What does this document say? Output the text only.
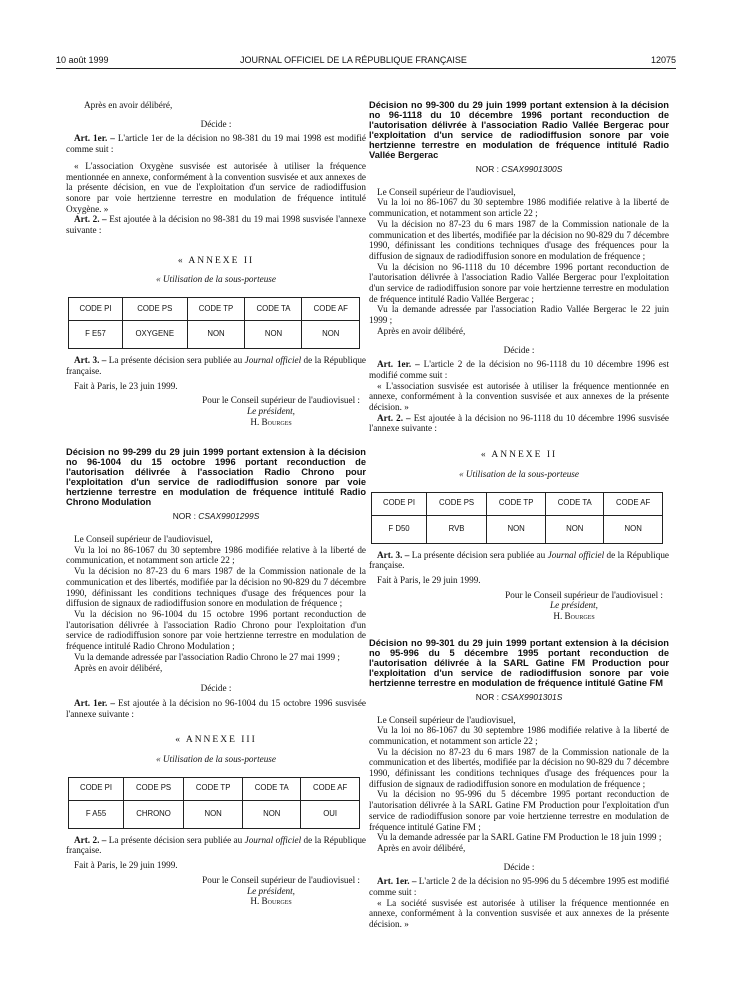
10 août 1999	JOURNAL OFFICIEL DE LA RÉPUBLIQUE FRANÇAISE	12075

Après en avoir délibéré,

Décide :

Art. 1er. – L'article 1er de la décision no 98-381 du 19 mai 1998 est modifié comme suit :

« L'association Oxygène susvisée est autorisée à utiliser la fréquence mentionnée en annexe, conformément à la convention susvisée et aux annexes de la présente décision, en vue de l'exploitation d'un service de radiodiffusion sonore par voie hertzienne terrestre en modulation de fréquence intitulé Oxygène. »

Art. 2. – Est ajoutée à la décision no 98-381 du 19 mai 1998 susvisée l'annexe suivante :

« ANNEXE II

« Utilisation de la sous-porteuse

CODE PI	CODE PS	CODE TP	CODE TA	CODE AF
F E57	OXYGENE	NON	NON	NON

Art. 3. – La présente décision sera publiée au Journal officiel de la République française.

Fait à Paris, le 23 juin 1999.

Pour le Conseil supérieur de l'audiovisuel :

Le président,

H. Bourges

Décision no 99-299 du 29 juin 1999 portant extension à la décision no 96-1004 du 15 octobre 1996 portant reconduction de l'autorisation délivrée à l'association Radio Chrono pour l'exploitation d'un service de radiodiffusion sonore par voie hertzienne terrestre en modulation de fréquence intitulé Radio Chrono Modulation

NOR : CSAX9901299S

Le Conseil supérieur de l'audiovisuel,

Vu la loi no 86-1067 du 30 septembre 1986 modifiée relative à la liberté de communication, et notamment son article 22 ;

Vu la décision no 87-23 du 6 mars 1987 de la Commission nationale de la communication et des libertés, modifiée par la décision no 90-829 du 7 décembre 1990, définissant les conditions techniques d'usage des fréquences pour la diffusion de signaux de radiodiffusion sonore en modulation de fréquence ;

Vu la décision no 96-1004 du 15 octobre 1996 portant reconduction de l'autorisation délivrée à l'association Radio Chrono pour l'exploitation d'un service de radiodiffusion sonore par voie hertzienne terrestre en modulation de fréquence intitulé Radio Chrono Modulation ;

Vu la demande adressée par l'association Radio Chrono le 27 mai 1999 ;

Après en avoir délibéré,

Décide :

Art. 1er. – Est ajoutée à la décision no 96-1004 du 15 octobre 1996 susvisée l'annexe suivante :

« ANNEXE III

« Utilisation de la sous-porteuse

CODE PI	CODE PS	CODE TP	CODE TA	CODE AF
F A55	CHRONO	NON	NON	OUI

Art. 2. – La présente décision sera publiée au Journal officiel de la République française.

Fait à Paris, le 29 juin 1999.

Pour le Conseil supérieur de l'audiovisuel :

Le président,

H. Bourges

Décision no 99-300 du 29 juin 1999 portant extension à la décision no 96-1118 du 10 décembre 1996 portant reconduction de l'autorisation délivrée à l'association Radio Vallée Bergerac pour l'exploitation d'un service de radiodiffusion sonore par voie hertzienne terrestre en modulation de fréquence intitulé Radio Vallée Bergerac

NOR : CSAX9901300S

Le Conseil supérieur de l'audiovisuel,

Vu la loi no 86-1067 du 30 septembre 1986 modifiée relative à la liberté de communication, et notamment son article 22 ;

Vu la décision no 87-23 du 6 mars 1987 de la Commission nationale de la communication et des libertés, modifiée par la décision no 90-829 du 7 décembre 1990, définissant les conditions techniques d'usage des fréquences pour la diffusion de signaux de radiodiffusion sonore en modulation de fréquence ;

Vu la décision no 96-1118 du 10 décembre 1996 portant reconduction de l'autorisation délivrée à l'association Radio Vallée Bergerac pour l'exploitation d'un service de radiodiffusion sonore par voie hertzienne terrestre en modulation de fréquence intitulé Radio Vallée Bergerac ;

Vu la demande adressée par l'association Radio Vallée Bergerac le 22 juin 1999 ;

Après en avoir délibéré,

Décide :

Art. 1er. – L'article 2 de la décision no 96-1118 du 10 décembre 1996 est modifié comme suit :

« L'association susvisée est autorisée à utiliser la fréquence mentionnée en annexe, conformément à la convention susvisée et aux annexes de la présente décision. »

Art. 2. – Est ajoutée à la décision no 96-1118 du 10 décembre 1996 susvisée l'annexe suivante :

« ANNEXE II

« Utilisation de la sous-porteuse

CODE PI	CODE PS	CODE TP	CODE TA	CODE AF
F D50	RVB	NON	NON	NON

Art. 3. – La présente décision sera publiée au Journal officiel de la République française.

Fait à Paris, le 29 juin 1999.

Pour le Conseil supérieur de l'audiovisuel :

Le président,

H. Bourges

Décision no 99-301 du 29 juin 1999 portant extension à la décision no 95-996 du 5 décembre 1995 portant reconduction de l'autorisation délivrée à la SARL Gatine FM Production pour l'exploitation d'un service de radiodiffusion sonore par voie hertzienne terrestre en modulation de fréquence intitulé Gatine FM

NOR : CSAX9901301S

Le Conseil supérieur de l'audiovisuel,

Vu la loi no 86-1067 du 30 septembre 1986 modifiée relative à la liberté de communication, et notamment son article 22 ;

Vu la décision no 87-23 du 6 mars 1987 de la Commission nationale de la communication et des libertés, modifiée par la décision no 90-829 du 7 décembre 1990, définissant les conditions techniques d'usage des fréquences pour la diffusion de signaux de radiodiffusion sonore en modulation de fréquence ;

Vu la décision no 95-996 du 5 décembre 1995 portant reconduction de l'autorisation délivrée à la SARL Gatine FM Production pour l'exploitation d'un service de radiodiffusion sonore par voie hertzienne terrestre en modulation de fréquence intitulé Gatine FM ;

Vu la demande adressée par la SARL Gatine FM Production le 18 juin 1999 ;

Après en avoir délibéré,

Décide :

Art. 1er. – L'article 2 de la décision no 95-996 du 5 décembre 1995 est modifié comme suit :

« La société susvisée est autorisée à utiliser la fréquence mentionnée en annexe, conformément à la convention susvisée et aux annexes de la présente décision. »
